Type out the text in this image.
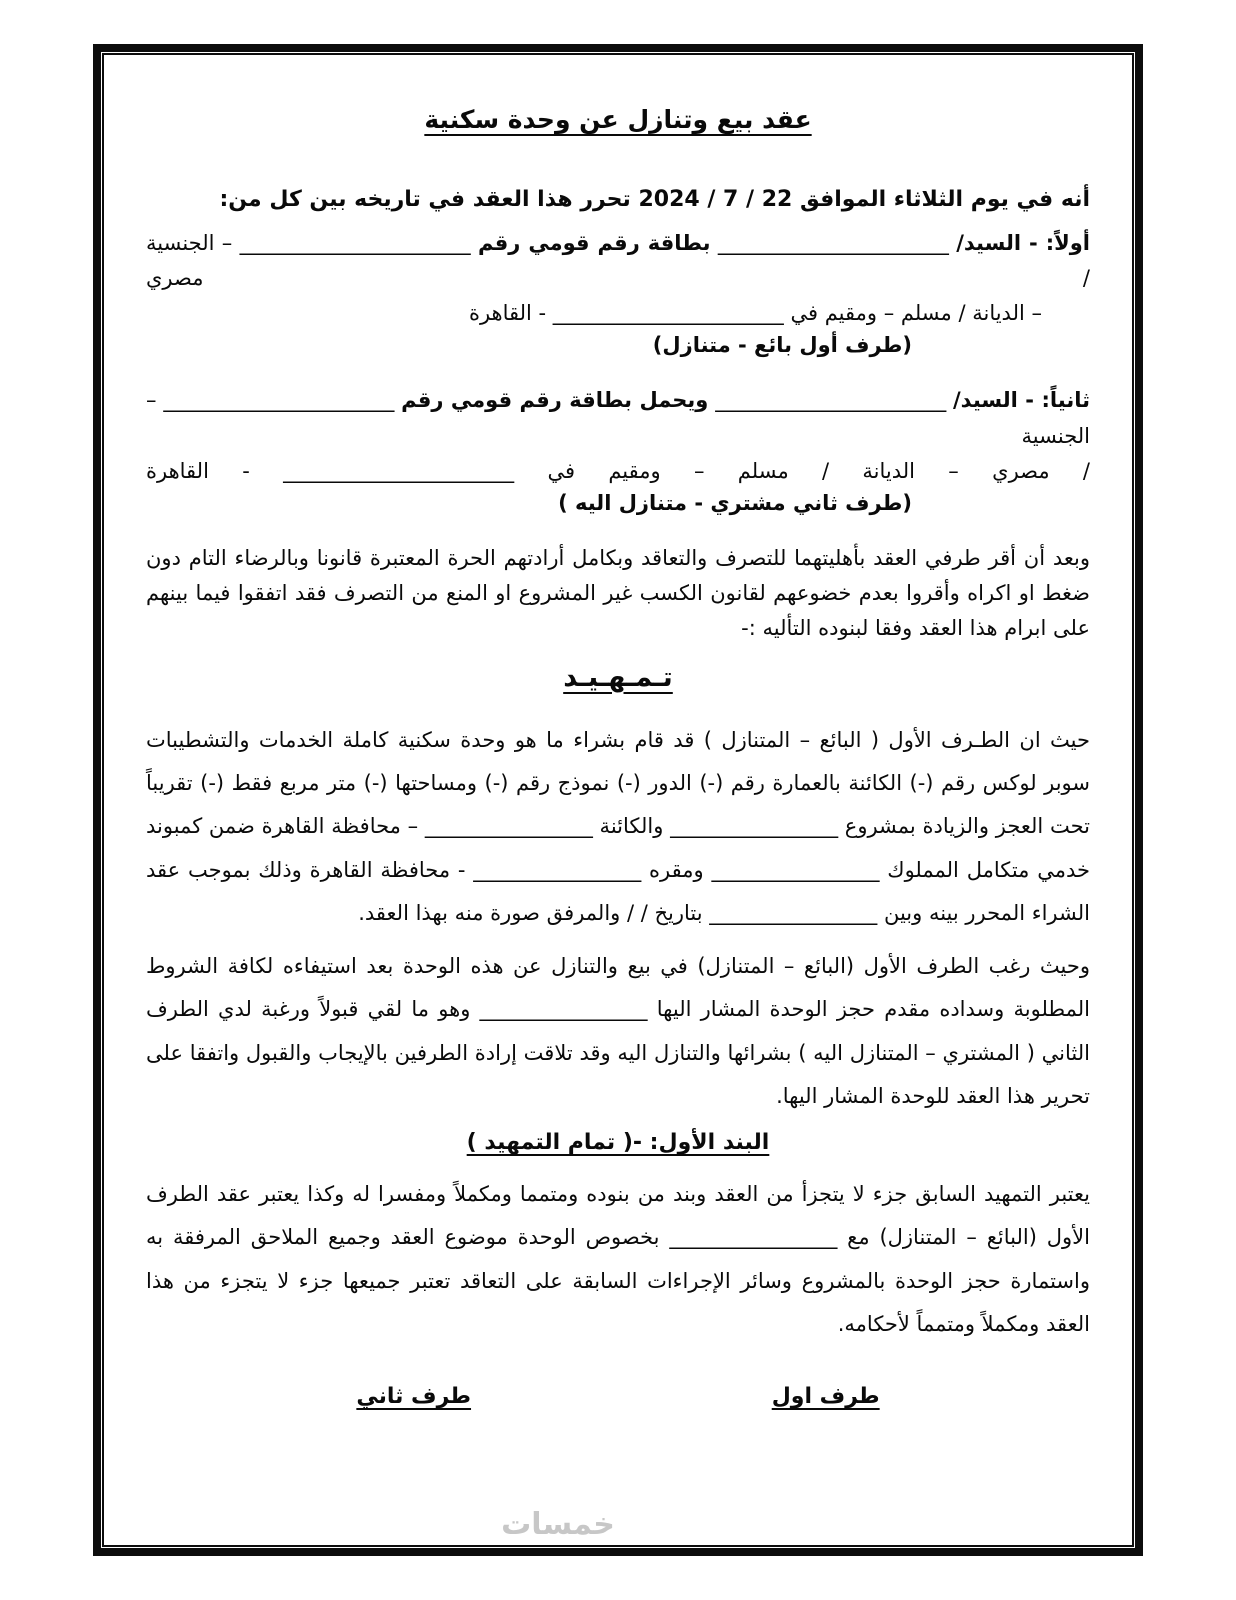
خمسات
عقد بيع وتنازل عن وحدة سكنية

أنه في يوم الثلاثاء الموافق 22 / 7 / 2024 تحرر هذا العقد في تاريخه بين كل من:

أولاً: - السيد/ ______________________ بطاقة رقم قومي رقم ______________________ – الجنسية / مصري

– الديانة / مسلم – ومقيم في ______________________ - القاهرة

(طرف أول بائع - متنازل)

ثانياً: - السيد/ ______________________ ويحمل بطاقة رقم قومي رقم ______________________ – الجنسية

/ مصري – الديانة / مسلم – ومقيم في ______________________ - القاهرة

(طرف ثاني مشتري - متنازل اليه )

وبعد أن أقر طرفي العقد بأهليتهما للتصرف والتعاقد وبكامل أرادتهم الحرة المعتبرة قانونا وبالرضاء التام دون ضغط او اكراه وأقروا بعدم خضوعهم لقانون الكسب غير المشروع او المنع من التصرف فقد اتفقوا فيما بينهم على ابرام هذا العقد وفقا لبنوده التأليه :-

تـمـهـيـد

حيث ان الطـرف الأول ( البائع – المتنازل ) قد قام بشراء ما هو وحدة سكنية كاملة الخدمات والتشطيبات سوبر لوكس رقم (-) الكائنة بالعمارة رقم (-) الدور (-) نموذج رقم (-) ومساحتها (-) متر مربع فقط (-) تقريباً تحت العجز والزيادة بمشروع ________________ والكائنة ________________ – محافظة القاهرة ضمن كمبوند خدمي متكامل المملوك ________________ ومقره ________________ - محافظة القاهرة وذلك بموجب عقد الشراء المحرر بينه وبين ________________ بتاريخ / / والمرفق صورة منه بهذا العقد.

وحيث رغب الطرف الأول (البائع – المتنازل) في بيع والتنازل عن هذه الوحدة بعد استيفاءه لكافة الشروط المطلوبة وسداده مقدم حجز الوحدة المشار اليها ________________ وهو ما لقي قبولاً ورغبة لدي الطرف الثاني ( المشتري – المتنازل اليه ) بشرائها والتنازل اليه وقد تلاقت إرادة الطرفين بالإيجاب والقبول واتفقا على تحرير هذا العقد للوحدة المشار اليها.

البند الأول: -( تمام التمهيد )

يعتبر التمهيد السابق جزء لا يتجزأ من العقد وبند من بنوده ومتمما ومكملاً ومفسرا له وكذا يعتبر عقد الطرف الأول (البائع – المتنازل) مع ________________ بخصوص الوحدة موضوع العقد وجميع الملاحق المرفقة به واستمارة حجز الوحدة بالمشروع وسائر الإجراءات السابقة على التعاقد تعتبر جميعها جزء لا يتجزء من هذا العقد ومكملاً ومتمماً لأحكامه.

طرف اول
طرف ثاني
